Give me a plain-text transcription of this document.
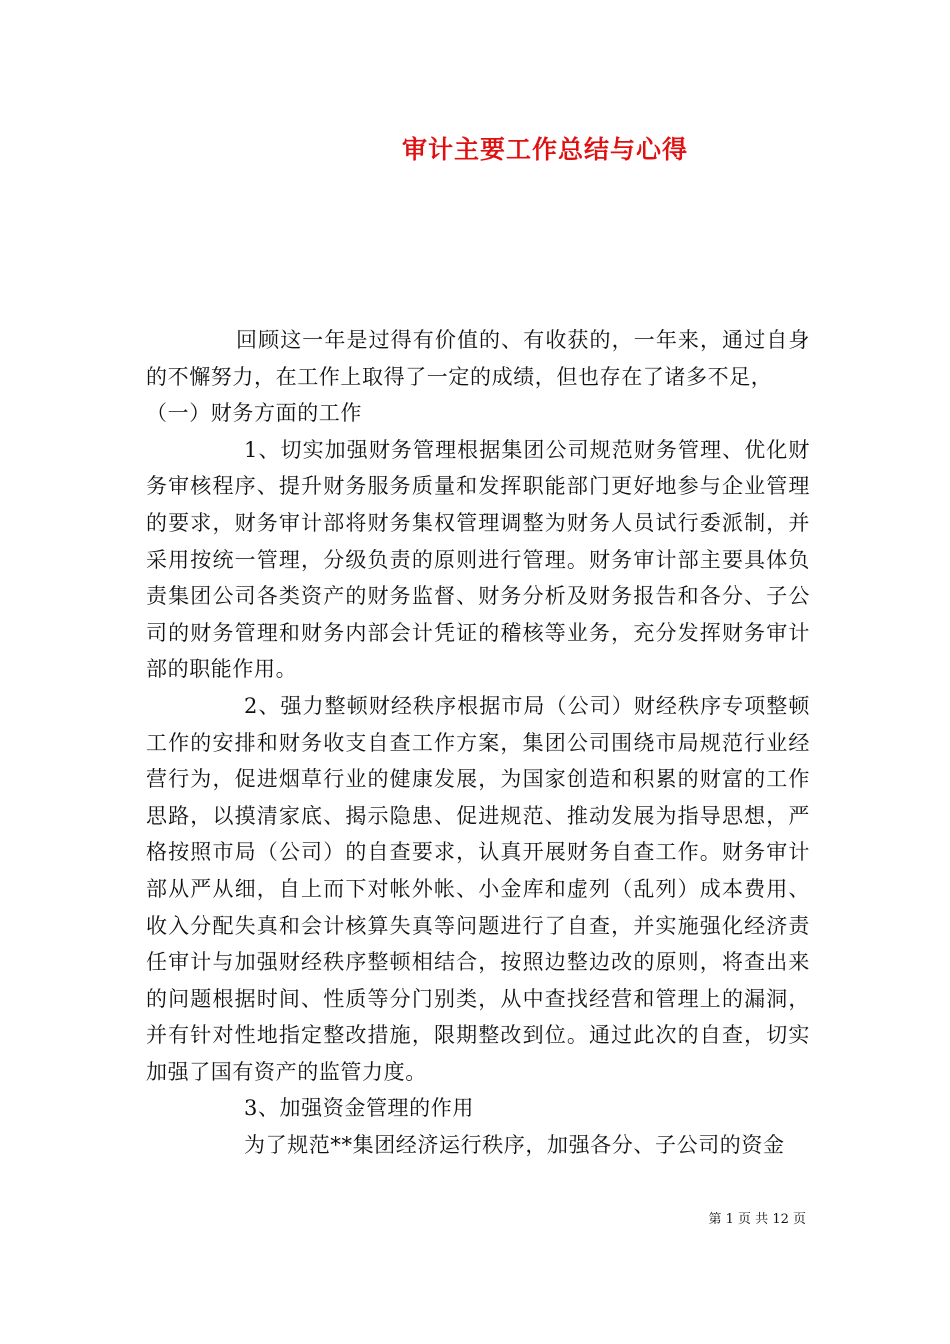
审计主要工作总结与心得

回顾这一年是过得有价值的、有收获的，一年来，通过自身的不懈努力，在工作上取得了一定的成绩，但也存在了诸多不足，

（一）财务方面的工作

1、切实加强财务管理根据集团公司规范财务管理、优化财务审核程序、提升财务服务质量和发挥职能部门更好地参与企业管理的要求，财务审计部将财务集权管理调整为财务人员试行委派制，并采用按统一管理，分级负责的原则进行管理。财务审计部主要具体负责集团公司各类资产的财务监督、财务分析及财务报告和各分、子公司的财务管理和财务内部会计凭证的稽核等业务，充分发挥财务审计部的职能作用。

2、强力整顿财经秩序根据市局（公司）财经秩序专项整顿工作的安排和财务收支自查工作方案，集团公司围绕市局规范行业经营行为，促进烟草行业的健康发展，为国家创造和积累的财富的工作思路，以摸清家底、揭示隐患、促进规范、推动发展为指导思想，严格按照市局（公司）的自查要求，认真开展财务自查工作。财务审计部从严从细，自上而下对帐外帐、小金库和虚列（乱列）成本费用、收入分配失真和会计核算失真等问题进行了自查，并实施强化经济责任审计与加强财经秩序整顿相结合，按照边整边改的原则，将查出来的问题根据时间、性质等分门别类，从中查找经营和管理上的漏洞，并有针对性地指定整改措施，限期整改到位。通过此次的自查，切实加强了国有资产的监管力度。

3、加强资金管理的作用

为了规范**集团经济运行秩序，加强各分、子公司的资金

第 1 页 共 12 页
